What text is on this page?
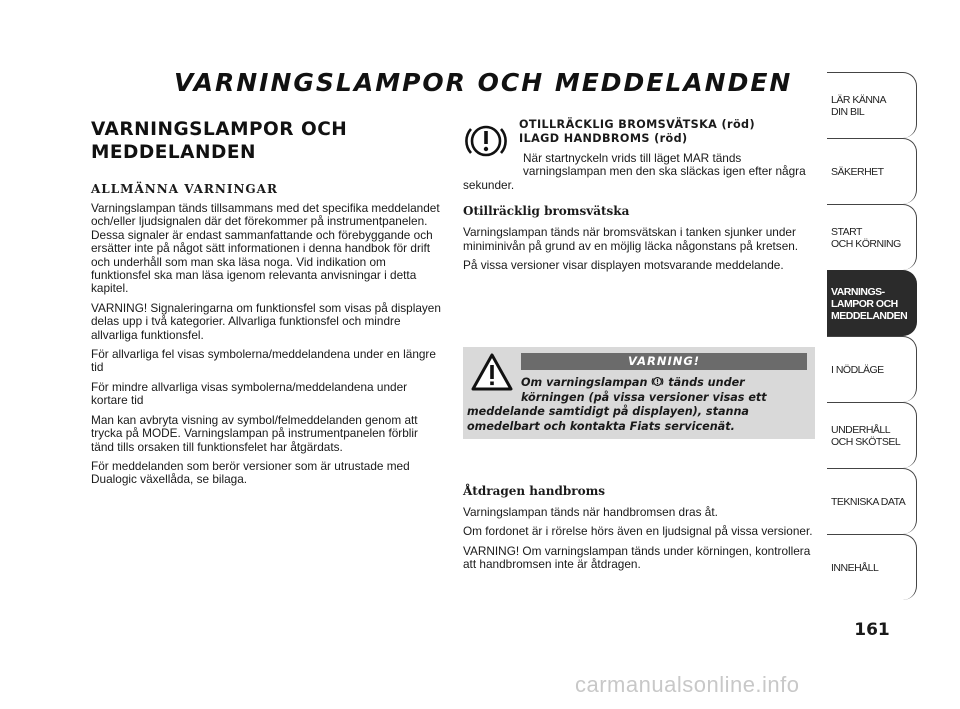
VARNINGSLAMPOR OCH MEDDELANDEN
VARNINGSLAMPOR OCH
MEDDELANDEN
ALLMÄNNA VARNINGAR

Varningslampan tänds tillsammans med det specifika meddelandet och/eller ljudsignalen där det förekommer på instrumentpanelen. Dessa signaler är endast sammanfattande och förebyggande och ersätter inte på något sätt informationen i denna handbok för drift och underhåll som man ska läsa noga. Vid indikation om funktionsfel ska man läsa igenom relevanta anvisningar i detta kapitel.

VARNING! Signaleringarna om funktionsfel som visas på displayen delas upp i två kategorier. Allvarliga funktionsfel och mindre allvarliga funktionsfel.

För allvarliga fel visas symbolerna/meddelandena under en längre tid

För mindre allvarliga visas symbolerna/meddelandena under kortare tid

Man kan avbryta visning av symbol/felmeddelanden genom att trycka på MODE. Varningslampan på instrumentpanelen förblir tänd tills orsaken till funktionsfelet har åtgärdats.

För meddelanden som berör versioner som är utrustade med Dualogic växellåda, se bilaga.

OTILLRÄCKLIG BROMSVÄTSKA (röd)
ILAGD HANDBROMS (röd)
När startnyckeln vrids till läget MAR tänds
varningslampan men den ska släckas igen efter några
sekunder.
Otillräcklig bromsvätska

Varningslampan tänds när bromsvätskan i tanken sjunker under miniminivån på grund av en möjlig läcka någonstans på kretsen.

På vissa versioner visar displayen motsvarande meddelande.

VARNING!
Om varningslampan tänds under
körningen (på vissa versioner visas ett
meddelande samtidigt på displayen), stanna
omedelbart och kontakta Fiats servicenät.
Åtdragen handbroms

Varningslampan tänds när handbromsen dras åt.

Om fordonet är i rörelse hörs även en ljudsignal på vissa versioner.

VARNING! Om varningslampan tänds under körningen, kontrollera att handbromsen inte är åtdragen.

LÄR KÄNNA
DIN BIL
SÄKERHET
START
OCH KÖRNING
VARNINGS-
LAMPOR OCH
MEDDELANDEN
I NÖDLÄGE
UNDERHÅLL
OCH SKÖTSEL
TEKNISKA DATA
INNEHÅLL
161
carmanualsonline.info
